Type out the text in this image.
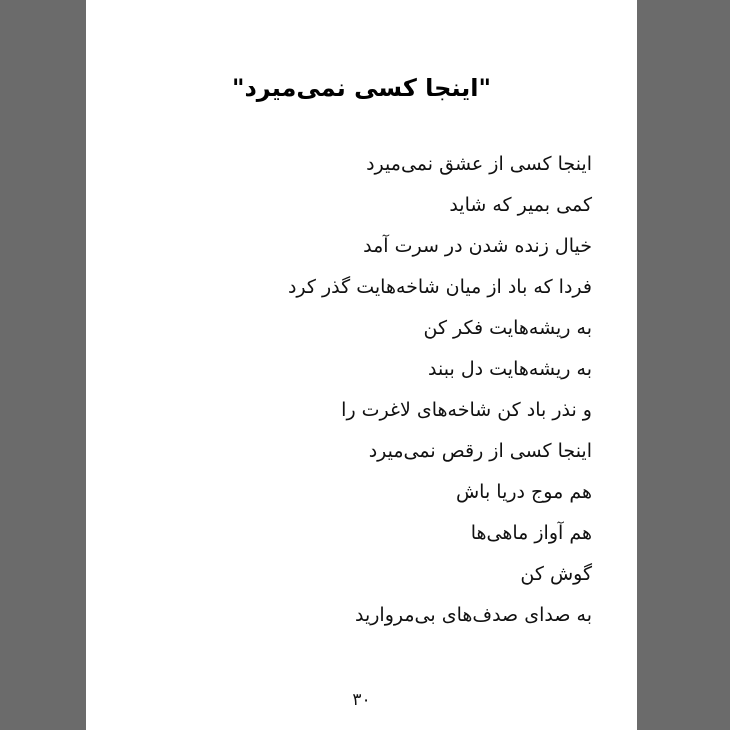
"اینجا کسی نمی‌میرد"
اینجا کسی از عشق نمی‌میرد
کمی بمیر که شاید
خیال زنده شدن در سرت آمد
فردا که باد از میان شاخه‌هایت گذر کرد
به ریشه‌هایت فکر کن
به ریشه‌هایت دل ببند
و نذر باد کن شاخه‌های لاغرت را
اینجا کسی از رقص نمی‌میرد
هم موج دریا باش
هم آواز ماهی‌ها
گوش کن
به صدای صدف‌های بی‌مروارید
۳۰
